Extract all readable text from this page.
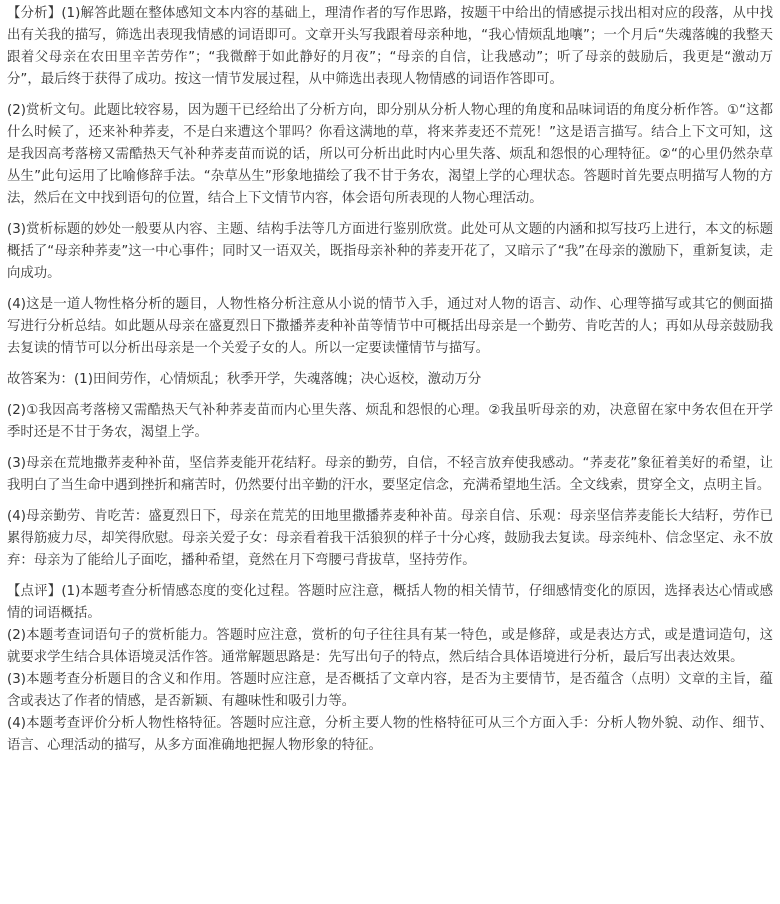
【分析】(1)解答此题在整体感知文本内容的基础上，理清作者的写作思路，按题干中给出的情感提示找出相对应的段落，从中找出有关我的描写，筛选出表现我情感的词语即可。文章开头写我跟着母亲种地，“我心情烦乱地嚷”；一个月后“失魂落魄的我整天跟着父母亲在农田里辛苦劳作”；“我微醉于如此静好的月夜”；“母亲的自信，让我感动”；听了母亲的鼓励后，我更是“激动万分”，最后终于获得了成功。按这一情节发展过程，从中筛选出表现人物情感的词语作答即可。

(2)赏析文句。此题比较容易，因为题干已经给出了分析方向，即分别从分析人物心理的角度和品味词语的角度分析作答。①“这都什么时候了，还来补种荞麦，不是白来遭这个罪吗？你看这满地的草，将来荞麦还不荒死！”这是语言描写。结合上下文可知，这是我因高考落榜又需酷热天气补种荞麦苗而说的话，所以可分析出此时内心里失落、烦乱和怨恨的心理特征。②“的心里仍然杂草丛生”此句运用了比喻修辞手法。“杂草丛生”形象地描绘了我不甘于务农，渴望上学的心理状态。答题时首先要点明描写人物的方法，然后在文中找到语句的位置，结合上下文情节内容，体会语句所表现的人物心理活动。

(3)赏析标题的妙处一般要从内容、主题、结构手法等几方面进行鉴别欣赏。此处可从文题的内涵和拟写技巧上进行，本文的标题概括了“母亲种荞麦”这一中心事件；同时又一语双关，既指母亲补种的荞麦开花了，又暗示了“我”在母亲的激励下，重新复读，走向成功。

(4)这是一道人物性格分析的题目，人物性格分析注意从小说的情节入手，通过对人物的语言、动作、心理等描写或其它的侧面描写进行分析总结。如此题从母亲在盛夏烈日下撒播荞麦种补苗等情节中可概括出母亲是一个勤劳、肯吃苦的人；再如从母亲鼓励我去复读的情节可以分析出母亲是一个关爱子女的人。所以一定要读懂情节与描写。

故答案为：(1)田间劳作，心情烦乱；秋季开学，失魂落魄；决心返校，激动万分

(2)①我因高考落榜又需酷热天气补种荞麦苗而内心里失落、烦乱和怨恨的心理。②我虽听母亲的劝，决意留在家中务农但在开学季时还是不甘于务农，渴望上学。

(3)母亲在荒地撒荞麦种补苗，坚信荞麦能开花结籽。母亲的勤劳，自信，不轻言放弃使我感动。“荞麦花”象征着美好的希望，让我明白了当生命中遇到挫折和痛苦时，仍然要付出辛勤的汗水，要坚定信念，充满希望地生活。全文线索，贯穿全文，点明主旨。

(4)母亲勤劳、肯吃苦：盛夏烈日下，母亲在荒芜的田地里撒播荞麦种补苗。母亲自信、乐观：母亲坚信荞麦能长大结籽，劳作已累得筋疲力尽，却笑得欣慰。母亲关爱子女：母亲看着我干活狼狈的样子十分心疼，鼓励我去复读。母亲纯朴、信念坚定、永不放弃：母亲为了能给儿子面吃，播种希望，竟然在月下弯腰弓背拔草，坚持劳作。

【点评】(1)本题考查分析情感态度的变化过程。答题时应注意，概括人物的相关情节，仔细感情变化的原因，选择表达心情或感情的词语概括。

(2)本题考查词语句子的赏析能力。答题时应注意，赏析的句子往往具有某一特色，或是修辞，或是表达方式，或是遣词造句，这就要求学生结合具体语境灵活作答。通常解题思路是：先写出句子的特点，然后结合具体语境进行分析，最后写出表达效果。

(3)本题考查分析题目的含义和作用。答题时应注意，是否概括了文章内容，是否为主要情节，是否蕴含（点明）文章的主旨，蕴含或表达了作者的情感，是否新颖、有趣味性和吸引力等。

(4)本题考查评价分析人物性格特征。答题时应注意，分析主要人物的性格特征可从三个方面入手：分析人物外貌、动作、细节、语言、心理活动的描写，从多方面准确地把握人物形象的特征。
